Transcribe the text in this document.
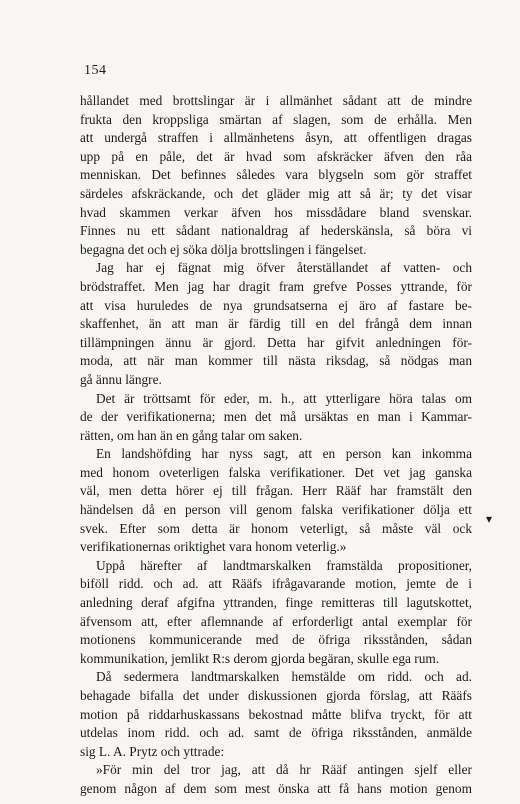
154
▾
hållandet med brottslingar är i allmänhet sådant att de mindre
frukta den kroppsliga smärtan af slagen, som de erhålla. Men
att undergå straffen i allmänhetens åsyn, att offentligen dragas
upp på en påle, det är hvad som afskräcker äfven den råa
menniskan. Det befinnes således vara blygseln som gör straffet
särdeles afskräckande, och det gläder mig att så är; ty det visar
hvad skammen verkar äfven hos missdådare bland svenskar.
Finnes nu ett sådant nationaldrag af hederskänsla, så böra vi
begagna det och ej söka dölja brottslingen i fängelset.
Jag har ej fägnat mig öfver återställandet af vatten- och
brödstraffet. Men jag har dragit fram grefve Posses yttrande, för
att visa huruledes de nya grundsatserna ej äro af fastare be-
skaffenhet, än att man är färdig till en del frångå dem innan
tillämpningen ännu är gjord. Detta har gifvit anledningen för-
moda, att när man kommer till nästa riksdag, så nödgas man
gå ännu längre.
Det är tröttsamt för eder, m. h., att ytterligare höra talas om
de der verifikationerna; men det må ursäktas en man i Kammar-
rätten, om han än en gång talar om saken.
En landshöfding har nyss sagt, att en person kan inkomma
med honom oveterligen falska verifikationer. Det vet jag ganska
väl, men detta hörer ej till frågan. Herr Rääf har framstält den
händelsen då en person vill genom falska verifikationer dölja ett
svek. Efter som detta är honom veterligt, så måste väl ock
verifikationernas oriktighet vara honom veterlig.»
Uppå härefter af landtmarskalken framstälda propositioner,
biföll ridd. och ad. att Rääfs ifrågavarande motion, jemte de i
anledning deraf afgifna yttranden, finge remitteras till lagutskottet,
äfvensom att, efter aflemnande af erforderligt antal exemplar för
motionens kommunicerande med de öfriga riksstånden, sådan
kommunikation, jemlikt R:s derom gjorda begäran, skulle ega rum.
Då sedermera landtmarskalken hemstälde om ridd. och ad.
behagade bifalla det under diskussionen gjorda förslag, att Rääfs
motion på riddarhuskassans bekostnad måtte blifva tryckt, för att
utdelas inom ridd. och ad. samt de öfriga riksstånden, anmälde
sig L. A. Prytz och yttrade:
»För min del tror jag, att då hr Rääf antingen sjelf eller
genom någon af dem som mest önska att få hans motion genom
